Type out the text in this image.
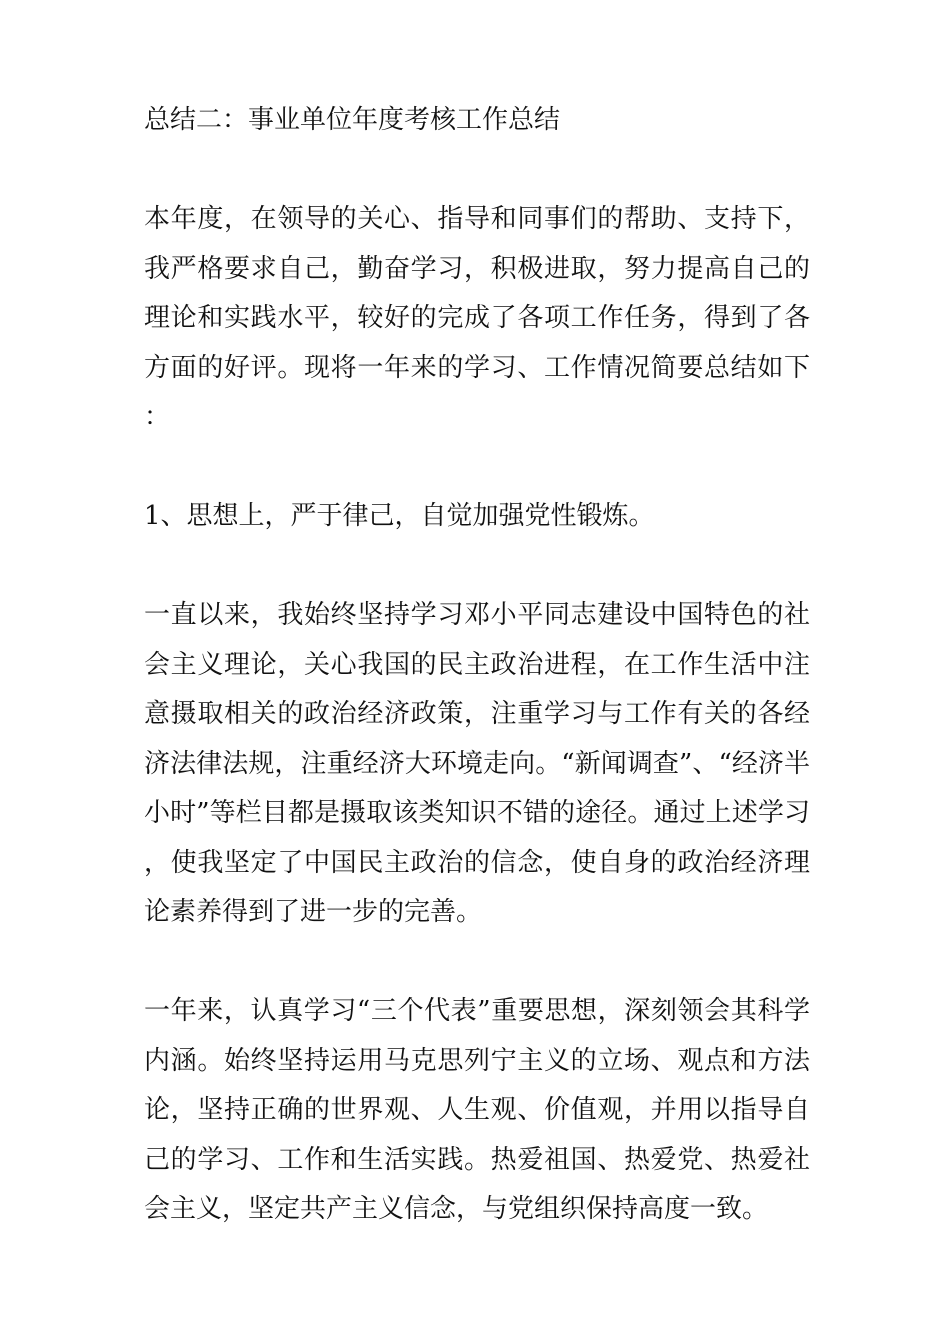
总结二：事业单位年度考核工作总结

本年度，在领导的关心、指导和同事们的帮助、支持下，我严格要求自己，勤奋学习，积极进取，努力提高自己的理论和实践水平，较好的完成了各项工作任务，得到了各方面的好评。现将一年来的学习、工作情况简要总结如下：

1、思想上，严于律己，自觉加强党性锻炼。

一直以来，我始终坚持学习邓小平同志建设中国特色的社会主义理论，关心我国的民主政治进程，在工作生活中注意摄取相关的政治经济政策，注重学习与工作有关的各经济法律法规，注重经济大环境走向。“新闻调查”、“经济半小时”等栏目都是摄取该类知识不错的途径。通过上述学习，使我坚定了中国民主政治的信念，使自身的政治经济理论素养得到了进一步的完善。

一年来，认真学习“三个代表”重要思想，深刻领会其科学内涵。始终坚持运用马克思列宁主义的立场、观点和方法论，坚持正确的世界观、人生观、价值观，并用以指导自己的学习、工作和生活实践。热爱祖国、热爱党、热爱社会主义，坚定共产主义信念，与党组织保持高度一致。
